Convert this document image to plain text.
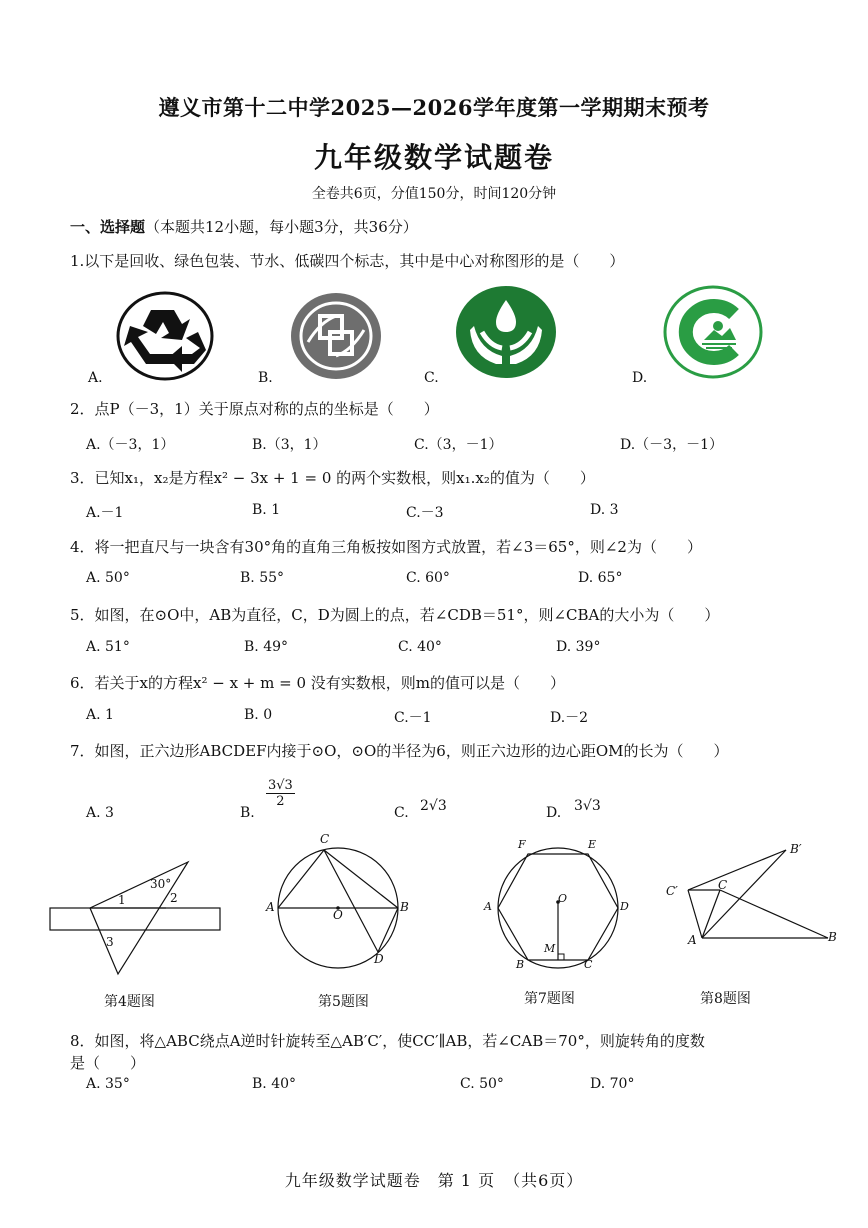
遵义市第十二中学2025—2026学年度第一学期期末预考
九年级数学试题卷
全卷共6页，分值150分，时间120分钟
一、选择题（本题共12小题，每小题3分，共36分）
1.以下是回收、绿色包装、节水、低碳四个标志，其中是中心对称图形的是（　　）
A.	B.	C.	D.
2．点P（－3，1）关于原点对称的点的坐标是（　　）
A.（－3，1）	B.（3，1）	C.（3，－1）	D.（－3，－1）
3．已知x₁，x₂是方程x² − 3x + 1 = 0 的两个实数根，则x₁.x₂的值为（　　）
A.－1	B. 1	C.－3	D. 3
4．将一把直尺与一块含有30°角的直角三角板按如图方式放置，若∠3＝65°，则∠2为（　　）
A. 50°	B. 55°	C. 60°	D. 65°
5．如图，在⊙O中，AB为直径，C，D为圆上的点，若∠CDB＝51°，则∠CBA的大小为（　　）
A. 51°	B. 49°	C. 40°	D. 39°
6．若关于x的方程x² − x + m = 0 没有实数根，则m的值可以是（　　）
A. 1	B. 0	C.－1	D.－2
7．如图，正六边形ABCDEF内接于⊙O，⊙O的半径为6，则正六边形的边心距OM的长为（　　）
A. 3	B.
$\frac{3√3}{2}$
C. 2√3	D. 3√3
30°
1	2
3
第4题图
C
A
O
B
D
第5题图
F	E
A
O
D
M
B	C
第7题图
B′
C′	C
A	B
第8题图
8．如图，将△ABC绕点A逆时针旋转至△AB′C′，使CC′∥AB，若∠CAB＝70°，则旋转角的度数
是（　　）
A. 35°	B. 40°	C. 50°	D. 70°
九年级数学试题卷　第 1 页　（共6页）
